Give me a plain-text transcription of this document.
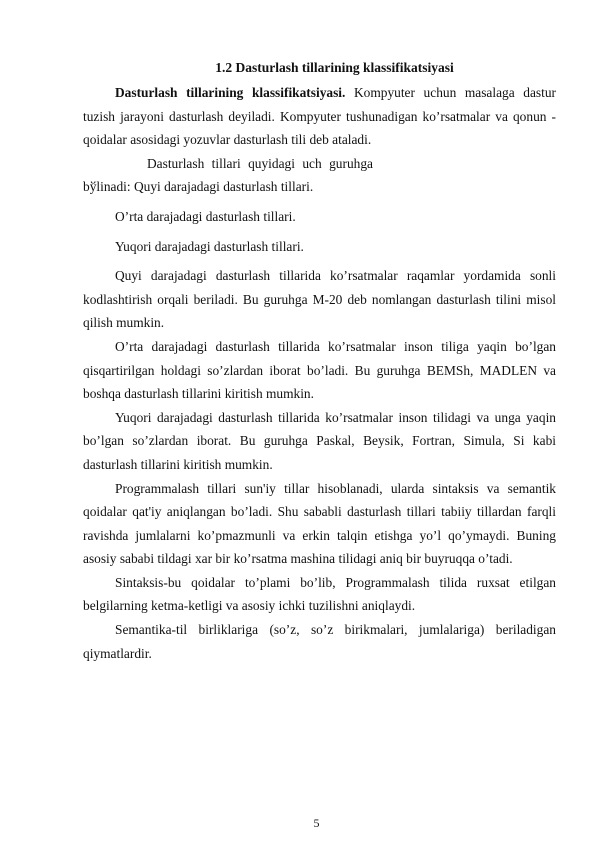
1.2 Dasturlash tillarining klassifikatsiyasi

Dasturlash tillarining klassifikatsiyasi. Kompyuter uchun masalaga dastur tuzish jarayoni dasturlash deyiladi. Kompyuter tushunadigan ko’rsatmalar va qonun - qoidalar asosidagi yozuvlar dasturlash tili deb ataladi.

Dasturlash tillari quyidagi uch guruhga

bўlinadi: Quyi darajadagi dasturlash tillari.

O’rta darajadagi dasturlash tillari.

Yuqori darajadagi dasturlash tillari.

Quyi darajadagi dasturlash tillarida ko’rsatmalar raqamlar yordamida sonli kodlashtirish orqali beriladi. Bu guruhga M-20 deb nomlangan dasturlash tilini misol qilish mumkin.

O’rta darajadagi dasturlash tillarida ko’rsatmalar inson tiliga yaqin bo’lgan qisqartirilgan holdagi so’zlardan iborat bo’ladi. Bu guruhga BEMSh, MADLEN va boshqa dasturlash tillarini kiritish mumkin.

Yuqori darajadagi dasturlash tillarida ko’rsatmalar inson tilidagi va unga yaqin bo’lgan so’zlardan iborat. Bu guruhga Paskal, Beysik, Fortran, Simula, Si kabi dasturlash tillarini kiritish mumkin.

Programmalash tillari sun'iy tillar hisoblanadi, ularda sintaksis va semantik qoidalar qat'iy aniqlangan bo’ladi. Shu sababli dasturlash tillari tabiiy tillardan farqli ravishda jumlalarni ko’pmazmunli va erkin talqin etishga yo’l qo’ymaydi. Buning asosiy sababi tildagi xar bir ko’rsatma mashina tilidagi aniq bir buyruqqa o’tadi.

Sintaksis-bu qoidalar to’plami bo’lib, Programmalash tilida ruxsat etilgan belgilarning ketma-ketligi va asosiy ichki tuzilishni aniqlaydi.

Semantika-til birliklariga (so’z, so’z birikmalari, jumlalariga) beriladigan qiymatlardir.

5
